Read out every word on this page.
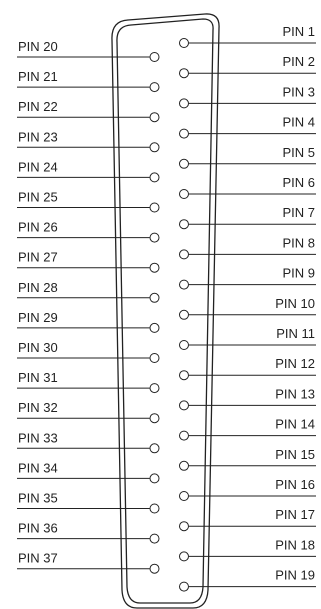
PIN 20
PIN 21
PIN 22
PIN 23
PIN 24
PIN 25
PIN 26
PIN 27
PIN 28
PIN 29
PIN 30
PIN 31
PIN 32
PIN 33
PIN 34
PIN 35
PIN 36
PIN 37
PIN 1
PIN 2
PIN 3
PIN 4
PIN 5
PIN 6
PIN 7
PIN 8
PIN 9
PIN 10
PIN 11
PIN 12
PIN 13
PIN 14
PIN 15
PIN 16
PIN 17
PIN 18
PIN 19
